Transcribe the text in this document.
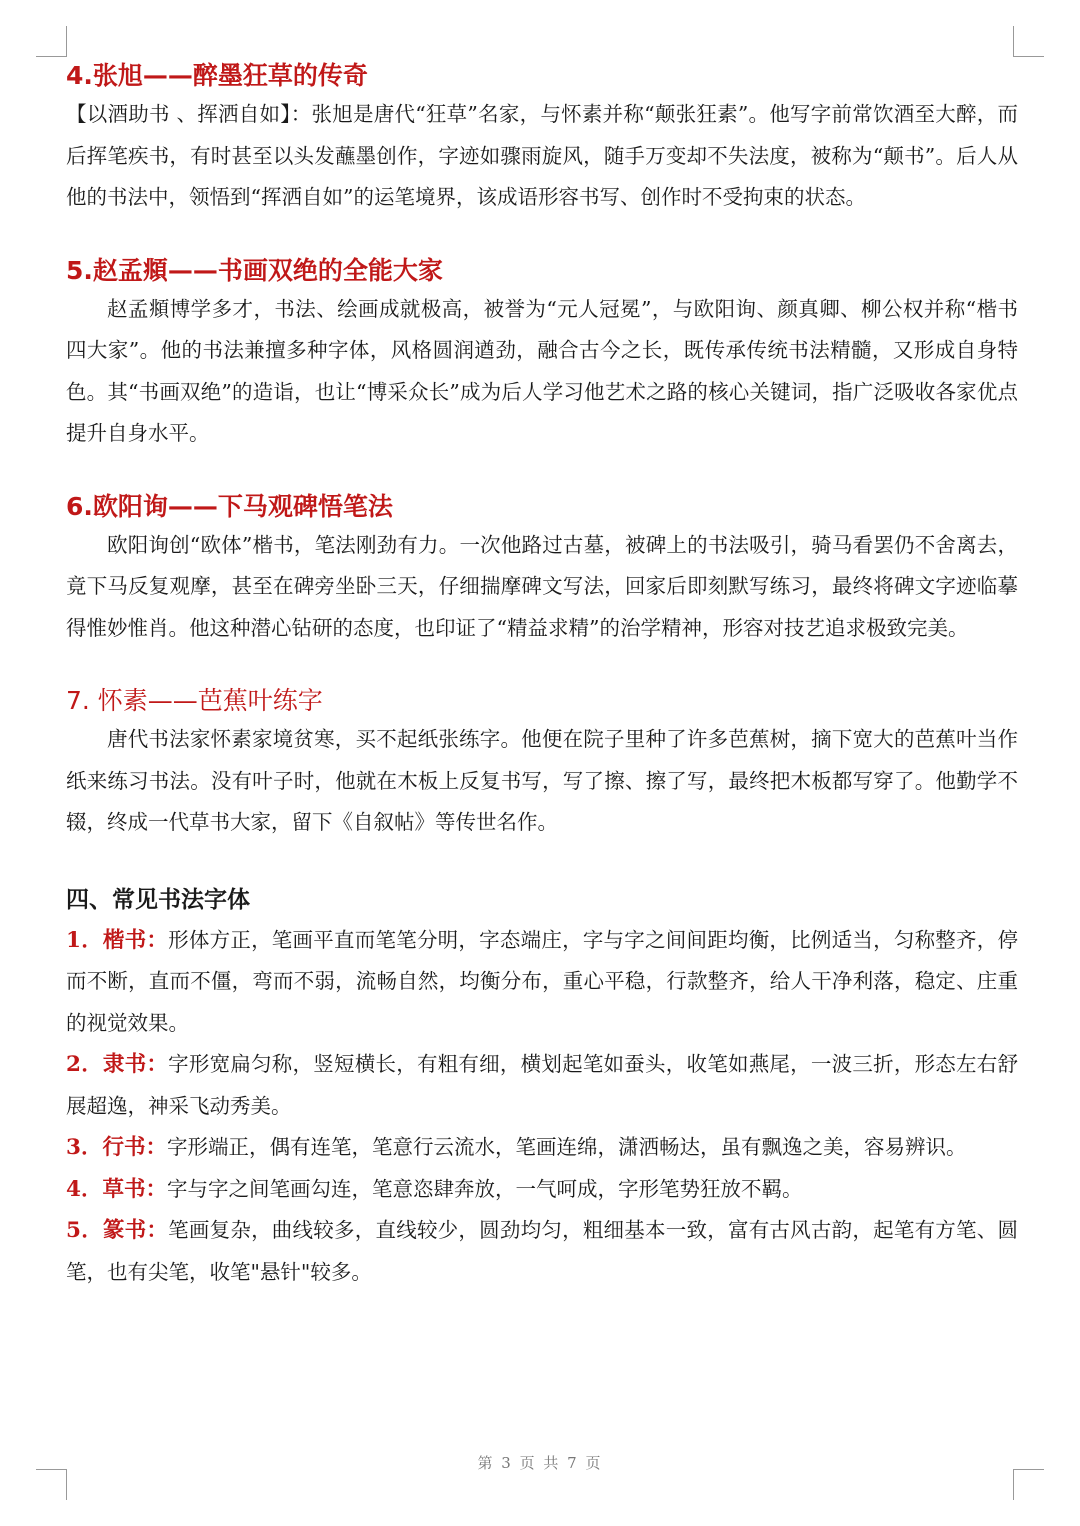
4.张旭——醉墨狂草的传奇

【以酒助书 、挥洒自如】：张旭是唐代“狂草”名家，与怀素并称“颠张狂素”。他写字前常饮酒至大醉，而后挥笔疾书，有时甚至以头发蘸墨创作，字迹如骤雨旋风，随手万变却不失法度，被称为“颠书”。后人从他的书法中，领悟到“挥洒自如”的运笔境界，该成语形容书写、创作时不受拘束的状态。

5.赵孟頫——书画双绝的全能大家

赵孟頫博学多才，书法、绘画成就极高，被誉为“元人冠冕”，与欧阳询、颜真卿、柳公权并称“楷书四大家”。他的书法兼擅多种字体，风格圆润遒劲，融合古今之长，既传承传统书法精髓，又形成自身特色。其“书画双绝”的造诣，也让“博采众长”成为后人学习他艺术之路的核心关键词，指广泛吸收各家优点提升自身水平。

6.欧阳询——下马观碑悟笔法

欧阳询创“欧体”楷书，笔法刚劲有力。一次他路过古墓，被碑上的书法吸引，骑马看罢仍不舍离去，竟下马反复观摩，甚至在碑旁坐卧三天，仔细揣摩碑文写法，回家后即刻默写练习，最终将碑文字迹临摹得惟妙惟肖。他这种潜心钻研的态度，也印证了“精益求精”的治学精神，形容对技艺追求极致完美。

7. 怀素——芭蕉叶练字

唐代书法家怀素家境贫寒，买不起纸张练字。他便在院子里种了许多芭蕉树，摘下宽大的芭蕉叶当作纸来练习书法。没有叶子时，他就在木板上反复书写，写了擦、擦了写，最终把木板都写穿了。他勤学不辍，终成一代草书大家，留下《自叙帖》等传世名作。

四、常见书法字体

1．楷书：形体方正，笔画平直而笔笔分明，字态端庄，字与字之间间距均衡，比例适当，匀称整齐，停而不断，直而不僵，弯而不弱，流畅自然，均衡分布，重心平稳，行款整齐，给人干净利落，稳定、庄重的视觉效果。

2．隶书：字形宽扁匀称，竖短横长，有粗有细，横划起笔如蚕头，收笔如燕尾，一波三折，形态左右舒展超逸，神采飞动秀美。

3．行书：字形端正，偶有连笔，笔意行云流水，笔画连绵，潇洒畅达，虽有飘逸之美，容易辨识。

4．草书：字与字之间笔画勾连，笔意恣肆奔放，一气呵成，字形笔势狂放不羁。

5．篆书：笔画复杂，曲线较多，直线较少，圆劲均匀，粗细基本一致，富有古风古韵，起笔有方笔、圆笔，也有尖笔，收笔"悬针"较多。

第 3 页 共 7 页
